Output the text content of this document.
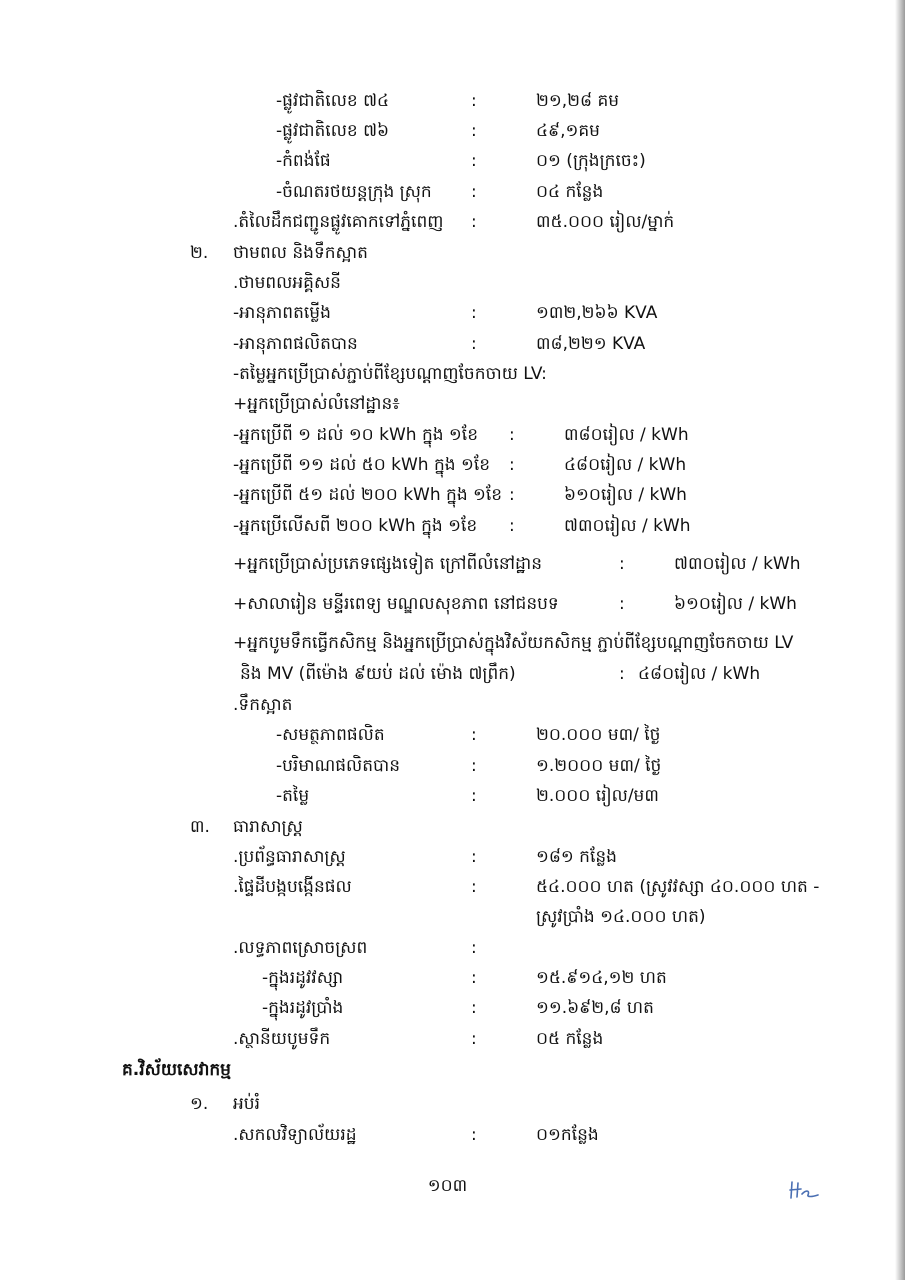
-ផ្លូវជាតិលេខ ៧៤	:	២១,២៨ គម
-ផ្លូវជាតិលេខ ៧៦	:	៤៩,១គម
-កំពង់ផែ	:	០១ (ក្រុងក្រចេះ)
-ចំណតរថយន្តក្រុង ស្រុក :	០៤ កន្លែង
.តំលៃដឹកជញ្ជូនផ្លូវគោកទៅភ្នំពេញ :	៣៥.០០០ រៀល/ម្នាក់
២. ថាមពល និងទឹកស្អាត
.ថាមពលអគ្គិសនី
-អានុភាពតម្លើង	:	១៣២,២៦៦ KVA
-អានុភាពផលិតបាន	:	៣៨,២២១ KVA
-តម្លៃអ្នកប្រើប្រាស់ភ្ជាប់ពីខ្សែបណ្តាញចែកចាយ LV:
+អ្នកប្រើប្រាស់លំនៅដ្ឋាន៖
-អ្នកប្រើពី ១ ដល់ ១០ kWh ក្នុង ១ខែ :	៣៨០រៀល / kWh
-អ្នកប្រើពី ១១ ដល់ ៥០ kWh ក្នុង ១ខែ :	៤៨០រៀល / kWh
-អ្នកប្រើពី ៥១ ដល់ ២០០ kWh ក្នុង ១ខែ :	៦១០រៀល / kWh
-អ្នកប្រើលើសពី ២០០ kWh ក្នុង ១ខែ :	៧៣០រៀល / kWh
+អ្នកប្រើប្រាស់ប្រភេទផ្សេងទៀត ក្រៅពីលំនៅដ្ឋាន	:	៧៣០រៀល / kWh
+សាលារៀន មន្ទីរពេទ្យ មណ្ឌលសុខភាព នៅជនបទ	:	៦១០រៀល / kWh
+អ្នកបូមទឹកធ្វើកសិកម្ម និងអ្នកប្រើប្រាស់ក្នុងវិស័យកសិកម្ម ភ្ជាប់ពីខ្សែបណ្តាញចែកចាយ LV
និង MV (ពីម៉ោង ៩យប់ ដល់ ម៉ោង ៧ព្រឹក)	: ៤៨០រៀល / kWh
.ទឹកស្អាត
-សមត្ថភាពផលិត	:	២០.០០០ ម៣/ ថ្ងៃ
-បរិមាណផលិតបាន	:	១.២០០០ ម៣/ ថ្ងៃ
-តម្លៃ	:	២.០០០ រៀល/ម៣
៣. ធារាសាស្ត្រ
.ប្រព័ន្ធធារាសាស្ត្រ	:	១៨១ កន្លែង
.ផ្ទៃដីបង្កបង្កើនផល	:	៥៤.០០០ ហត (ស្រូវវស្សា ៤០.០០០ ហត -
ស្រូវប្រាំង ១៤.០០០ ហត)
.លទ្ធភាពស្រោចស្រព	:
-ក្នុងរដូវវស្សា	:	១៥.៩១៤,១២ ហត
-ក្នុងរដូវប្រាំង	:	១១.៦៩២,៨ ហត
.ស្ថានីយបូមទឹក	:	០៥ កន្លែង
គ.វិស័យសេវាកម្ម
១. អប់រំ
.សកលវិទ្យាល័យរដ្ឋ	:	០១កន្លែង
១០៣
